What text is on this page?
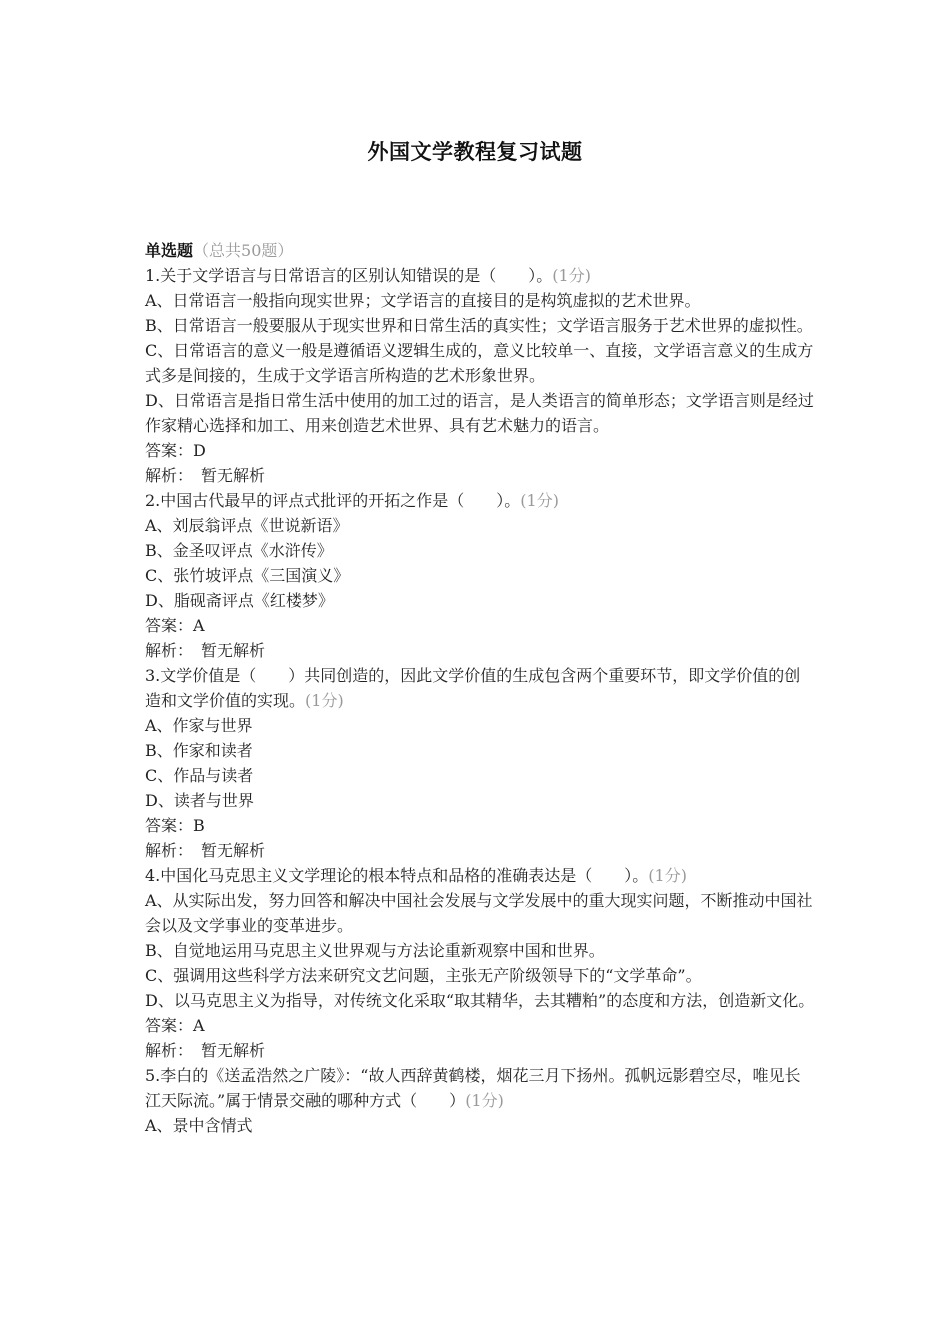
外国文学教程复习试题
单选题（总共50题）
1.关于文学语言与日常语言的区别认知错误的是（　　）。(1分)
A、日常语言一般指向现实世界；文学语言的直接目的是构筑虚拟的艺术世界。
B、日常语言一般要服从于现实世界和日常生活的真实性；文学语言服务于艺术世界的虚拟性。
C、日常语言的意义一般是遵循语义逻辑生成的，意义比较单一、直接，文学语言意义的生成方式多是间接的，生成于文学语言所构造的艺术形象世界。
D、日常语言是指日常生活中使用的加工过的语言，是人类语言的简单形态；文学语言则是经过作家精心选择和加工、用来创造艺术世界、具有艺术魅力的语言。
答案：D
解析：　暂无解析
2.中国古代最早的评点式批评的开拓之作是（　　）。(1分)
A、刘辰翁评点《世说新语》
B、金圣叹评点《水浒传》
C、张竹坡评点《三国演义》
D、脂砚斋评点《红楼梦》
答案：A
解析：　暂无解析
3.文学价值是（　　）共同创造的，因此文学价值的生成包含两个重要环节，即文学价值的创造和文学价值的实现。(1分)
A、作家与世界
B、作家和读者
C、作品与读者
D、读者与世界
答案：B
解析：　暂无解析
4.中国化马克思主义文学理论的根本特点和品格的准确表达是（　　）。(1分)
A、从实际出发，努力回答和解决中国社会发展与文学发展中的重大现实问题，不断推动中国社会以及文学事业的变革进步。
B、自觉地运用马克思主义世界观与方法论重新观察中国和世界。
C、强调用这些科学方法来研究文艺问题，主张无产阶级领导下的“文学革命”。
D、以马克思主义为指导，对传统文化采取“取其精华，去其糟粕”的态度和方法，创造新文化。
答案：A
解析：　暂无解析
5.李白的《送孟浩然之广陵》：“故人西辞黄鹤楼，烟花三月下扬州。孤帆远影碧空尽，唯见长江天际流。”属于情景交融的哪种方式（　　）(1分)
A、景中含情式
